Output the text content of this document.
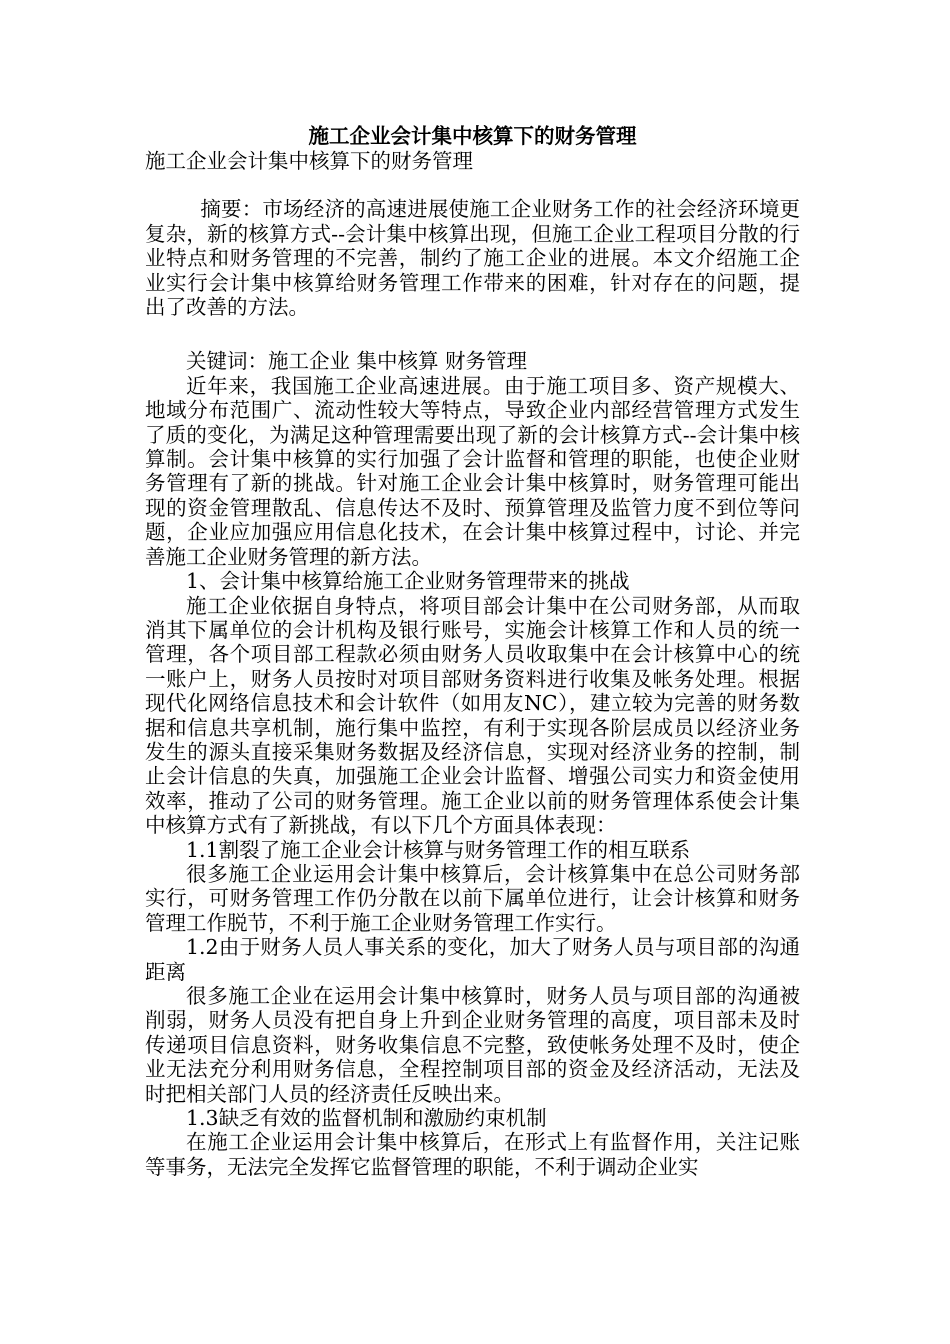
施工企业会计集中核算下的财务管理
施工企业会计集中核算下的财务管理

摘要：市场经济的高速进展使施工企业财务工作的社会经济环境更复杂，新的核算方式--会计集中核算出现，但施工企业工程项目分散的行业特点和财务管理的不完善，制约了施工企业的进展。本文介绍施工企业实行会计集中核算给财务管理工作带来的困难，针对存在的问题，提出了改善的方法。

关键词：施工企业 集中核算 财务管理

近年来，我国施工企业高速进展。由于施工项目多、资产规模大、地域分布范围广、流动性较大等特点，导致企业内部经营管理方式发生了质的变化，为满足这种管理需要出现了新的会计核算方式--会计集中核算制。会计集中核算的实行加强了会计监督和管理的职能，也使企业财务管理有了新的挑战。针对施工企业会计集中核算时，财务管理可能出现的资金管理散乱、信息传达不及时、预算管理及监管力度不到位等问题，企业应加强应用信息化技术，在会计集中核算过程中，讨论、并完善施工企业财务管理的新方法。

1、会计集中核算给施工企业财务管理带来的挑战

施工企业依据自身特点，将项目部会计集中在公司财务部，从而取消其下属单位的会计机构及银行账号，实施会计核算工作和人员的统一管理，各个项目部工程款必须由财务人员收取集中在会计核算中心的统一账户上，财务人员按时对项目部财务资料进行收集及帐务处理。根据现代化网络信息技术和会计软件（如用友NC），建立较为完善的财务数据和信息共享机制，施行集中监控，有利于实现各阶层成员以经济业务发生的源头直接采集财务数据及经济信息，实现对经济业务的控制，制止会计信息的失真，加强施工企业会计监督、增强公司实力和资金使用效率，推动了公司的财务管理。施工企业以前的财务管理体系使会计集中核算方式有了新挑战，有以下几个方面具体表现：

1.1割裂了施工企业会计核算与财务管理工作的相互联系

很多施工企业运用会计集中核算后，会计核算集中在总公司财务部实行，可财务管理工作仍分散在以前下属单位进行，让会计核算和财务管理工作脱节，不利于施工企业财务管理工作实行。

1.2由于财务人员人事关系的变化，加大了财务人员与项目部的沟通距离

很多施工企业在运用会计集中核算时，财务人员与项目部的沟通被削弱，财务人员没有把自身上升到企业财务管理的高度，项目部未及时传递项目信息资料，财务收集信息不完整，致使帐务处理不及时，使企业无法充分利用财务信息，全程控制项目部的资金及经济活动，无法及时把相关部门人员的经济责任反映出来。

1.3缺乏有效的监督机制和激励约束机制

在施工企业运用会计集中核算后，在形式上有监督作用，关注记账等事务，无法完全发挥它监督管理的职能，不利于调动企业实
